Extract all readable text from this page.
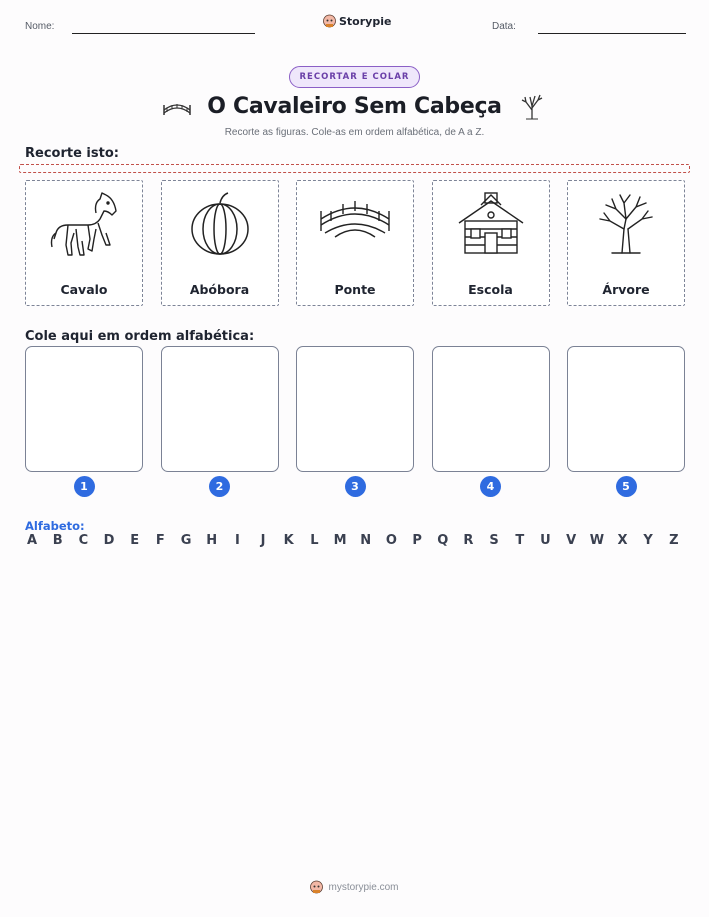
Nome:	Storypie	Data:
RECORTAR E COLAR
O Cavaleiro Sem Cabeça
Recorte as figuras. Cole-as em ordem alfabética, de A a Z.
Recorte isto:
Cavalo	Abóbora	Ponte	Escola	Árvore
Cole aqui em ordem alfabética:
1	2	3	4	5
Alfabeto:
A B C D E F G H	I	J	K L M N O P Q R S T U V W X Y Z
mystorypie.com
